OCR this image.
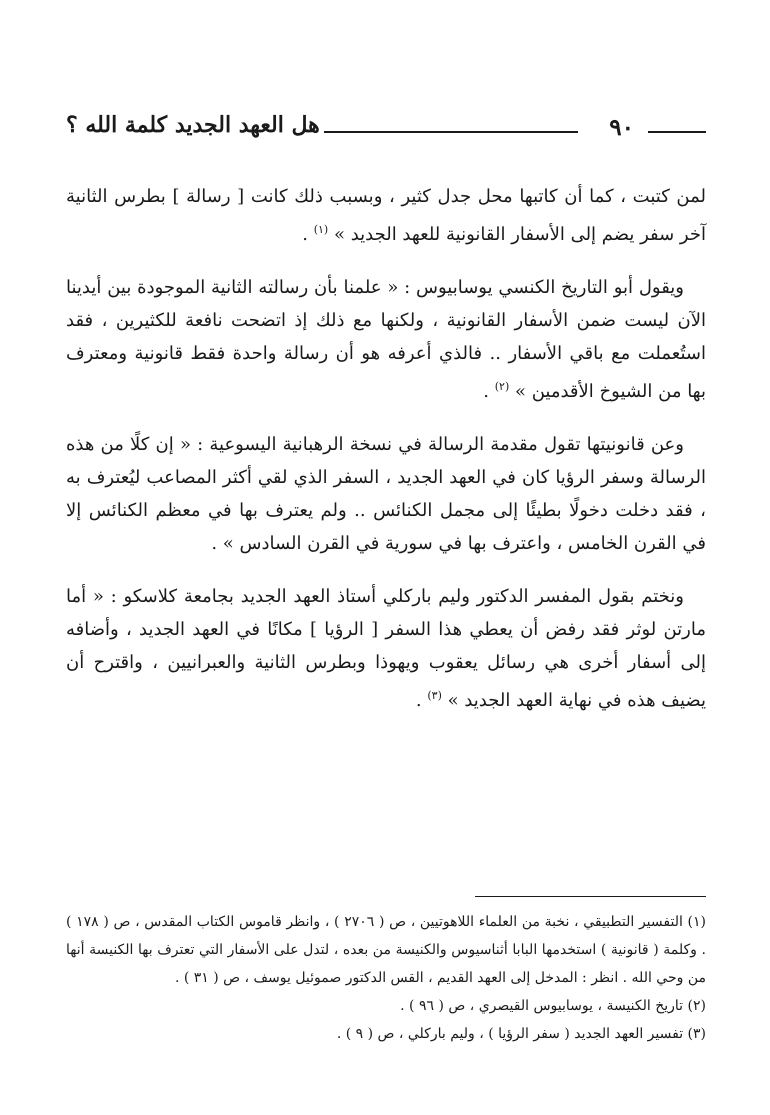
٩٠
هل العهد الجديد كلمة الله ؟

لمن كتبت ، كما أن كاتبها محل جدل كثير ، وبسبب ذلك كانت [ رسالة ] بطرس الثانية آخر سفر يضم إلى الأسفار القانونية للعهد الجديد » $^{(١)}$ .

ويقول أبو التاريخ الكنسي يوسابيوس : « علمنا بأن رسالته الثانية الموجودة بين أيدينا الآن ليست ضمن الأسفار القانونية ، ولكنها مع ذلك إذ اتضحت نافعة للكثيرين ، فقد استُعملت مع باقي الأسفار .. فالذي أعرفه هو أن رسالة واحدة فقط قانونية ومعترف بها من الشيوخ الأقدمين » $^{(٢)}$ .

وعن قانونيتها تقول مقدمة الرسالة في نسخة الرهبانية اليسوعية : « إن كلًا من هذه الرسالة وسفر الرؤيا كان في العهد الجديد ، السفر الذي لقي أكثر المصاعب ليُعترف به ، فقد دخلت دخولًا بطيئًا إلى مجمل الكنائس .. ولم يعترف بها في معظم الكنائس إلا في القرن الخامس ، واعترف بها في سورية في القرن السادس » .

ونختم بقول المفسر الدكتور وليم باركلي أستاذ العهد الجديد بجامعة كلاسكو : « أما مارتن لوثر فقد رفض أن يعطي هذا السفر [ الرؤيا ] مكانًا في العهد الجديد ، وأضافه إلى أسفار أخرى هي رسائل يعقوب ويهوذا وبطرس الثانية والعبرانيين ، واقترح أن يضيف هذه في نهاية العهد الجديد » $^{(٣)}$ .

(١) التفسير التطبيقي ، نخبة من العلماء اللاهوتيين ، ص ( ٢٧٠٦ ) ، وانظر قاموس الكتاب المقدس ، ص ( ١٧٨ ) . وكلمة ( قانونية ) استخدمها البابا أثناسيوس والكنيسة من بعده ، لتدل على الأسفار التي تعترف بها الكنيسة أنها من وحي الله . انظر : المدخل إلى العهد القديم ، القس الدكتور صموئيل يوسف ، ص ( ٣١ ) .

(٢) تاريخ الكنيسة ، يوسابيوس القيصري ، ص ( ٩٦ ) .

(٣) تفسير العهد الجديد ( سفر الرؤيا ) ، وليم باركلي ، ص ( ٩ ) .
